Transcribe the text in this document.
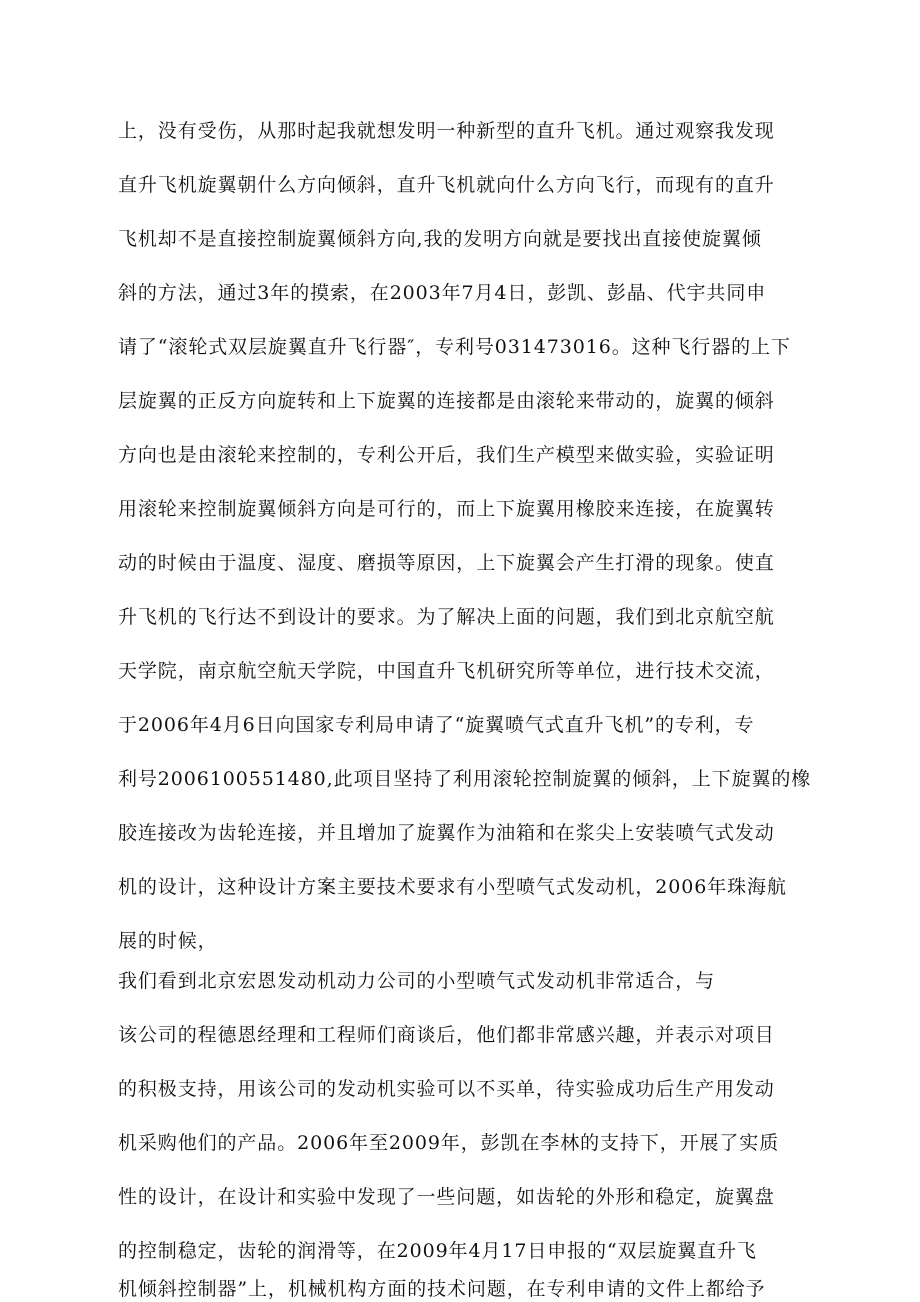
上，没有受伤，从那时起我就想发明一种新型的直升飞机。通过观察我发现
直升飞机旋翼朝什么方向倾斜，直升飞机就向什么方向飞行，而现有的直升
飞机却不是直接控制旋翼倾斜方向,我的发明方向就是要找出直接使旋翼倾
斜的方法，通过3年的摸索，在2003年7月4日，彭凯、彭晶、代宇共同申
请了“滚轮式双层旋翼直升飞行器″，专利号031473016。这种飞行器的上下
层旋翼的正反方向旋转和上下旋翼的连接都是由滚轮来带动的，旋翼的倾斜
方向也是由滚轮来控制的，专利公开后，我们生产模型来做实验，实验证明
用滚轮来控制旋翼倾斜方向是可行的，而上下旋翼用橡胶来连接，在旋翼转
动的时候由于温度、湿度、磨损等原因，上下旋翼会产生打滑的现象。使直
升飞机的飞行达不到设计的要求。为了解决上面的问题，我们到北京航空航
天学院，南京航空航天学院，中国直升飞机研究所等单位，进行技术交流，
于2006年4月6日向国家专利局申请了“旋翼喷气式直升飞机”的专利，专
利号2006100551480,此项目坚持了利用滚轮控制旋翼的倾斜，上下旋翼的橡
胶连接改为齿轮连接，并且增加了旋翼作为油箱和在浆尖上安装喷气式发动
机的设计，这种设计方案主要技术要求有小型喷气式发动机，2006年珠海航
展的时候，
我们看到北京宏恩发动机动力公司的小型喷气式发动机非常适合，与
该公司的程德恩经理和工程师们商谈后，他们都非常感兴趣，并表示对项目
的积极支持，用该公司的发动机实验可以不买单，待实验成功后生产用发动
机采购他们的产品。2006年至2009年，彭凯在李林的支持下，开展了实质
性的设计，在设计和实验中发现了一些问题，如齿轮的外形和稳定，旋翼盘
的控制稳定，齿轮的润滑等，在2009年4月17日申报的“双层旋翼直升飞
机倾斜控制器”上，机械机构方面的技术问题，在专利申请的文件上都给予
